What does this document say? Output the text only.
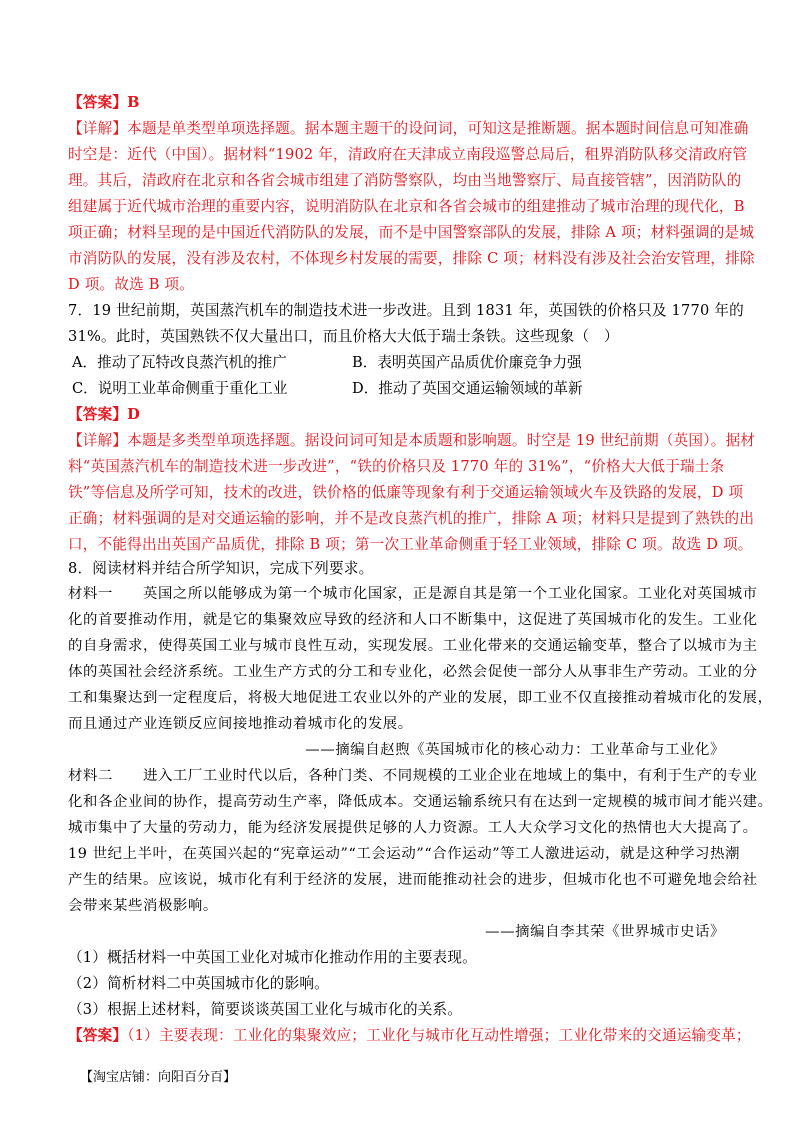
【答案】B
【详解】本题是单类型单项选择题。据本题主题干的设问词，可知这是推断题。据本题时间信息可知准确
时空是：近代（中国）。据材料“1902 年，清政府在天津成立南段巡警总局后，租界消防队移交清政府管
理。其后，清政府在北京和各省会城市组建了消防警察队，均由当地警察厅、局直接管辖”，因消防队的
组建属于近代城市治理的重要内容，说明消防队在北京和各省会城市的组建推动了城市治理的现代化，B
项正确；材料呈现的是中国近代消防队的发展，而不是中国警察部队的发展，排除 A 项；材料强调的是城
市消防队的发展，没有涉及农村，不体现乡村发展的需要，排除 C 项；材料没有涉及社会治安管理，排除
D 项。故选 B 项。
7．19 世纪前期，英国蒸汽机车的制造技术进一步改进。且到 1831 年，英国铁的价格只及 1770 年的
31%。此时，英国熟铁不仅大量出口，而且价格大大低于瑞士条铁。这些现象（　）
A．推动了瓦特改良蒸汽机的推广	B．表明英国产品质优价廉竞争力强
C．说明工业革命侧重于重化工业	D．推动了英国交通运输领域的革新
【答案】D
【详解】本题是多类型单项选择题。据设问词可知是本质题和影响题。时空是 19 世纪前期（英国）。据材
料“英国蒸汽机车的制造技术进一步改进”，“铁的价格只及 1770 年的 31%”，“价格大大低于瑞士条
铁”等信息及所学可知，技术的改进，铁价格的低廉等现象有利于交通运输领域火车及铁路的发展，D 项
正确；材料强调的是对交通运输的影响，并不是改良蒸汽机的推广，排除 A 项；材料只是提到了熟铁的出
口，不能得出出英国产品质优，排除 B 项；第一次工业革命侧重于轻工业领域，排除 C 项。故选 D 项。
8．阅读材料并结合所学知识，完成下列要求。
材料一　　英国之所以能够成为第一个城市化国家，正是源自其是第一个工业化国家。工业化对英国城市
化的首要推动作用，就是它的集聚效应导致的经济和人口不断集中，这促进了英国城市化的发生。工业化
的自身需求，使得英国工业与城市良性互动，实现发展。工业化带来的交通运输变革，整合了以城市为主
体的英国社会经济系统。工业生产方式的分工和专业化，必然会促使一部分人从事非生产劳动。工业的分
工和集聚达到一定程度后，将极大地促进工农业以外的产业的发展，即工业不仅直接推动着城市化的发展，
而且通过产业连锁反应间接地推动着城市化的发展。
——摘编自赵煦《英国城市化的核心动力：工业革命与工业化》
材料二　　进入工厂工业时代以后，各种门类、不同规模的工业企业在地域上的集中，有利于生产的专业
化和各企业间的协作，提高劳动生产率，降低成本。交通运输系统只有在达到一定规模的城市间才能兴建。
城市集中了大量的劳动力，能为经济发展提供足够的人力资源。工人大众学习文化的热情也大大提高了。
19 世纪上半叶，在英国兴起的“宪章运动”“工会运动”“合作运动”等工人激进运动，就是这种学习热潮
产生的结果。应该说，城市化有利于经济的发展，进而能推动社会的进步，但城市化也不可避免地会给社
会带来某些消极影响。
——摘编自李其荣《世界城市史话》
（1）概括材料一中英国工业化对城市化推动作用的主要表现。
（2）简析材料二中英国城市化的影响。
（3）根据上述材料，简要谈谈英国工业化与城市化的关系。
【答案】（1）主要表现：工业化的集聚效应；工业化与城市化互动性增强；工业化带来的交通运输变革；
【淘宝店铺：向阳百分百】
